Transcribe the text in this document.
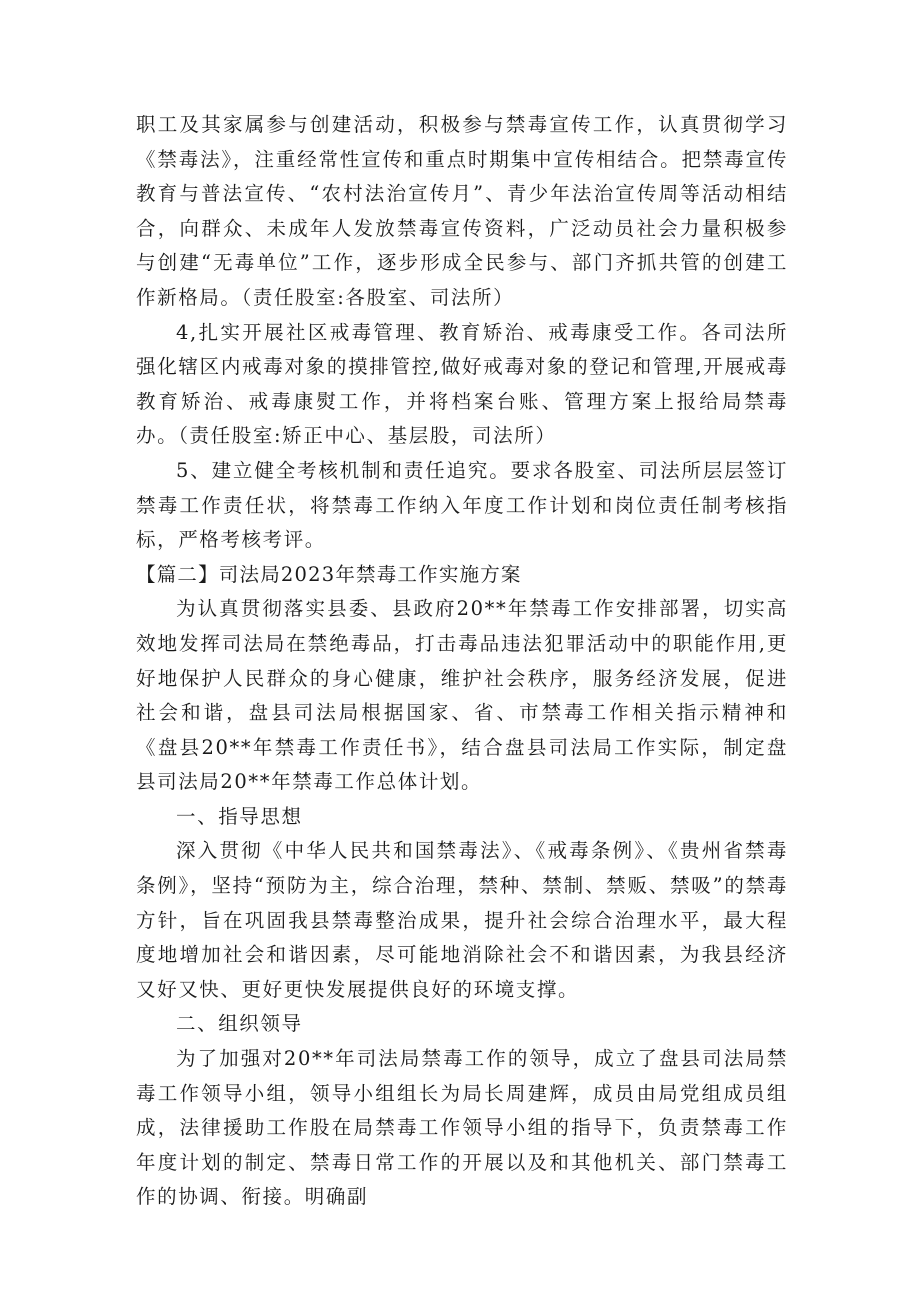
职工及其家属参与创建活动，积极参与禁毒宣传工作，认真贯彻学习《禁毒法》，注重经常性宣传和重点时期集中宣传相结合。把禁毒宣传教育与普法宣传、“农村法治宣传月”、青少年法治宣传周等活动相结合，向群众、未成年人发放禁毒宣传资料，广泛动员社会力量积极参与创建“无毒单位”工作，逐步形成全民参与、部门齐抓共管的创建工作新格局。（责任股室:各股室、司法所）

4,扎实开展社区戒毒管理、教育矫治、戒毒康受工作。各司法所强化辖区内戒毒对象的摸排管控,做好戒毒对象的登记和管理,开展戒毒教育矫治、戒毒康熨工作，并将档案台账、管理方案上报给局禁毒办。（责任股室:矫正中心、基层股，司法所）

5、建立健全考核机制和责任追究。要求各股室、司法所层层签订禁毒工作责任状，将禁毒工作纳入年度工作计划和岗位责任制考核指标，严格考核考评。

【篇二】司法局2023年禁毒工作实施方案

为认真贯彻落实县委、县政府20**年禁毒工作安排部署，切实高效地发挥司法局在禁绝毒品，打击毒品违法犯罪活动中的职能作用,更好地保护人民群众的身心健康，维护社会秩序，服务经济发展，促进社会和谐，盘县司法局根据国家、省、市禁毒工作相关指示精神和《盘县20**年禁毒工作责任书》，结合盘县司法局工作实际，制定盘县司法局20**年禁毒工作总体计划。

一、指导思想

深入贯彻《中华人民共和国禁毒法》、《戒毒条例》、《贵州省禁毒条例》，坚持“预防为主，综合治理，禁种、禁制、禁贩、禁吸”的禁毒方针，旨在巩固我县禁毒整治成果，提升社会综合治理水平，最大程度地增加社会和谐因素，尽可能地消除社会不和谐因素，为我县经济又好又快、更好更快发展提供良好的环境支撑。

二、组织领导

为了加强对20**年司法局禁毒工作的领导，成立了盘县司法局禁毒工作领导小组，领导小组组长为局长周建辉，成员由局党组成员组成，法律援助工作股在局禁毒工作领导小组的指导下，负责禁毒工作年度计划的制定、禁毒日常工作的开展以及和其他机关、部门禁毒工作的协调、衔接。明确副
